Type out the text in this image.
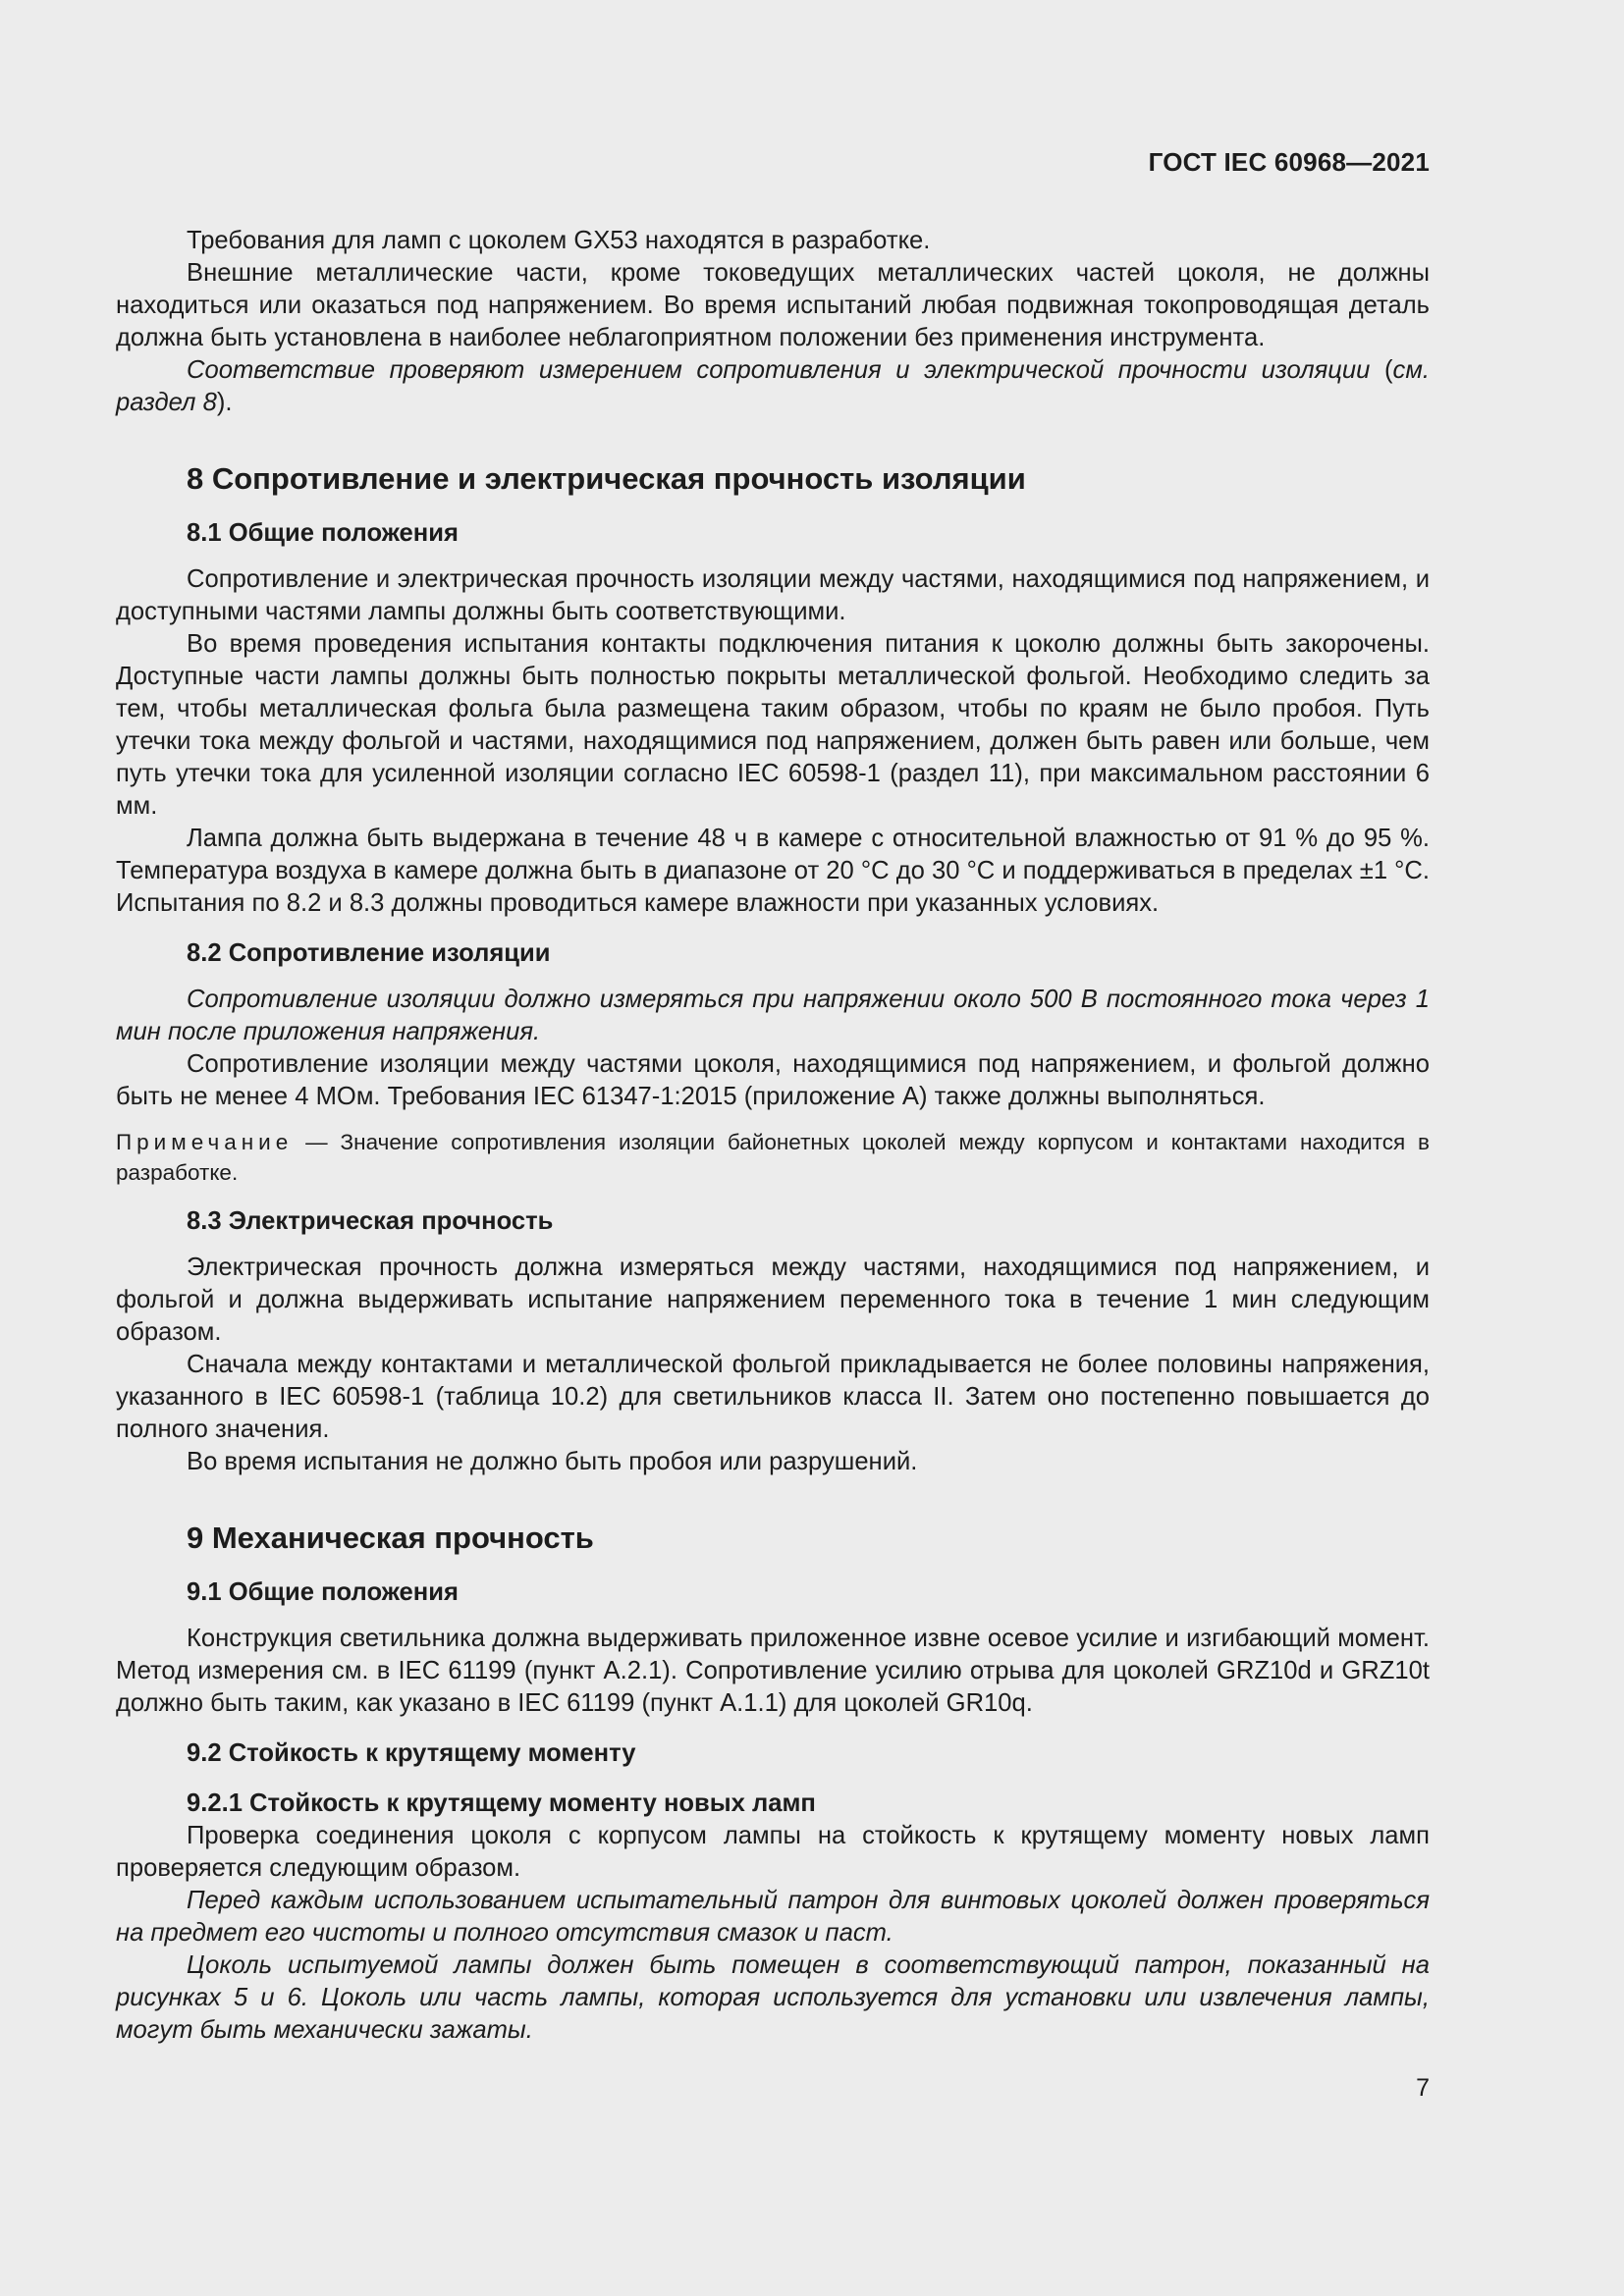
ГОСТ IEC 60968—2021

Требования для ламп с цоколем GX53 находятся в разработке.

Внешние металлические части, кроме токоведущих металлических частей цоколя, не должны находиться или оказаться под напряжением. Во время испытаний любая подвижная токопроводящая деталь должна быть установлена в наиболее неблагоприятном положении без применения инструмента.

Соответствие проверяют измерением сопротивления и электрической прочности изоляции (см. раздел 8).

8 Сопротивление и электрическая прочность изоляции
8.1 Общие положения

Сопротивление и электрическая прочность изоляции между частями, находящимися под напряжением, и доступными частями лампы должны быть соответствующими.

Во время проведения испытания контакты подключения питания к цоколю должны быть закорочены. Доступные части лампы должны быть полностью покрыты металлической фольгой. Необходимо следить за тем, чтобы металлическая фольга была размещена таким образом, чтобы по краям не было пробоя. Путь утечки тока между фольгой и частями, находящимися под напряжением, должен быть равен или больше, чем путь утечки тока для усиленной изоляции согласно IEC 60598-1 (раздел 11), при максимальном расстоянии 6 мм.

Лампа должна быть выдержана в течение 48 ч в камере с относительной влажностью от 91 % до 95 %. Температура воздуха в камере должна быть в диапазоне от 20 °С до 30 °С и поддерживаться в пределах ±1 °С. Испытания по 8.2 и 8.3 должны проводиться камере влажности при указанных условиях.

8.2 Сопротивление изоляции

Сопротивление изоляции должно измеряться при напряжении около 500 В постоянного тока через 1 мин после приложения напряжения.

Сопротивление изоляции между частями цоколя, находящимися под напряжением, и фольгой должно быть не менее 4 МОм. Требования IEC 61347-1:2015 (приложение А) также должны выполняться.

Примечание — Значение сопротивления изоляции байонетных цоколей между корпусом и контактами находится в разработке.
8.3 Электрическая прочность

Электрическая прочность должна измеряться между частями, находящимися под напряжением, и фольгой и должна выдерживать испытание напряжением переменного тока в течение 1 мин следующим образом.

Сначала между контактами и металлической фольгой прикладывается не более половины напряжения, указанного в IEC 60598-1 (таблица 10.2) для светильников класса II. Затем оно постепенно повышается до полного значения.

Во время испытания не должно быть пробоя или разрушений.

9 Механическая прочность
9.1 Общие положения

Конструкция светильника должна выдерживать приложенное извне осевое усилие и изгибающий момент. Метод измерения см. в IEC 61199 (пункт А.2.1). Сопротивление усилию отрыва для цоколей GRZ10d и GRZ10t должно быть таким, как указано в IEC 61199 (пункт А.1.1) для цоколей GR10q.

9.2 Стойкость к крутящему моменту
9.2.1 Стойкость к крутящему моменту новых ламп

Проверка соединения цоколя с корпусом лампы на стойкость к крутящему моменту новых ламп проверяется следующим образом.

Перед каждым использованием испытательный патрон для винтовых цоколей должен проверяться на предмет его чистоты и полного отсутствия смазок и паст.

Цоколь испытуемой лампы должен быть помещен в соответствующий патрон, показанный на рисунках 5 и 6. Цоколь или часть лампы, которая используется для установки или извлечения лампы, могут быть механически зажаты.

7
